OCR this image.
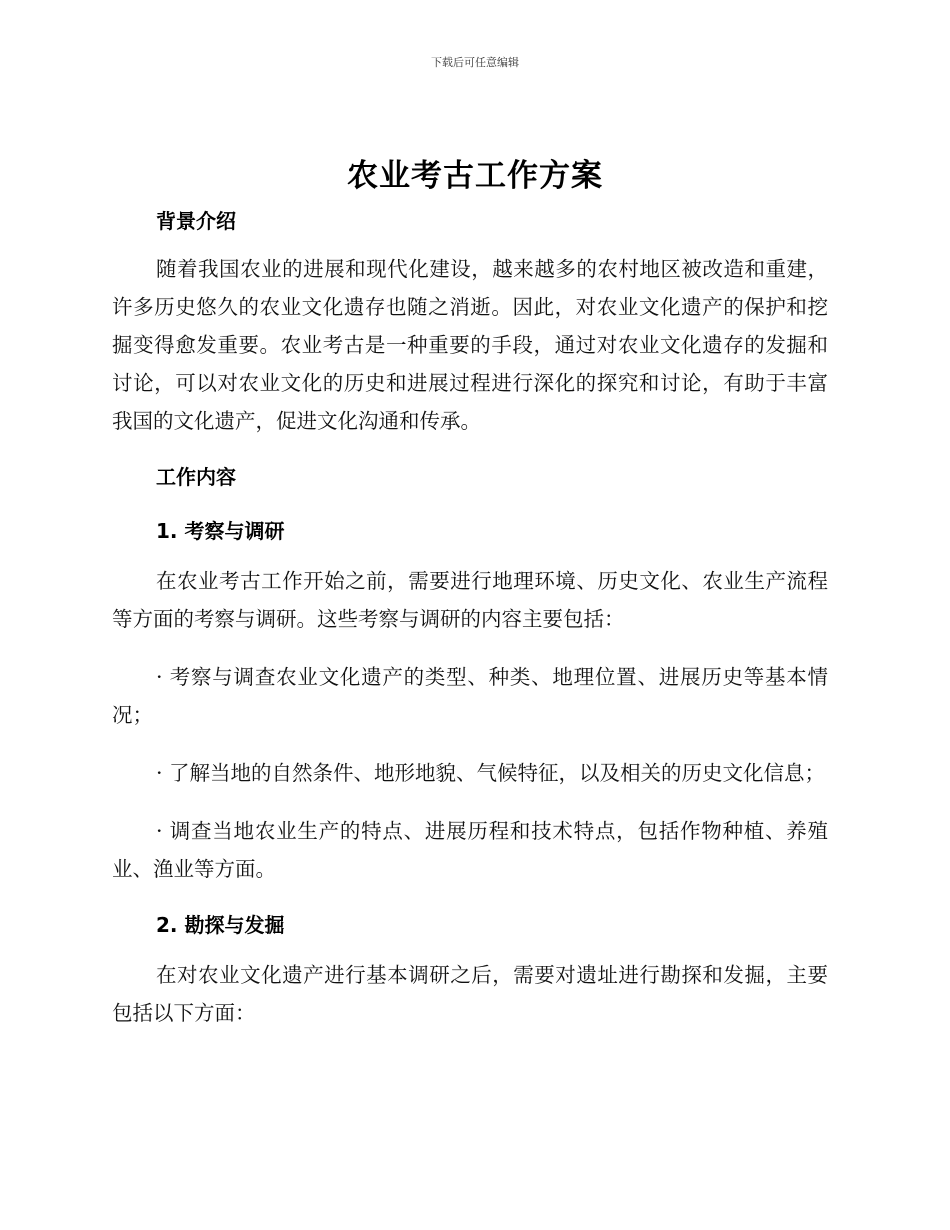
下载后可任意编辑
农业考古工作方案
背景介绍

随着我国农业的进展和现代化建设，越来越多的农村地区被改造和重建，许多历史悠久的农业文化遗存也随之消逝。因此，对农业文化遗产的保护和挖掘变得愈发重要。农业考古是一种重要的手段，通过对农业文化遗存的发掘和讨论，可以对农业文化的历史和进展过程进行深化的探究和讨论，有助于丰富我国的文化遗产，促进文化沟通和传承。

工作内容
1. 考察与调研

在农业考古工作开始之前，需要进行地理环境、历史文化、农业生产流程等方面的考察与调研。这些考察与调研的内容主要包括：

· 考察与调查农业文化遗产的类型、种类、地理位置、进展历史等基本情况；

· 了解当地的自然条件、地形地貌、气候特征，以及相关的历史文化信息；

· 调查当地农业生产的特点、进展历程和技术特点，包括作物种植、养殖业、渔业等方面。

2. 勘探与发掘

在对农业文化遗产进行基本调研之后，需要对遗址进行勘探和发掘，主要包括以下方面：
